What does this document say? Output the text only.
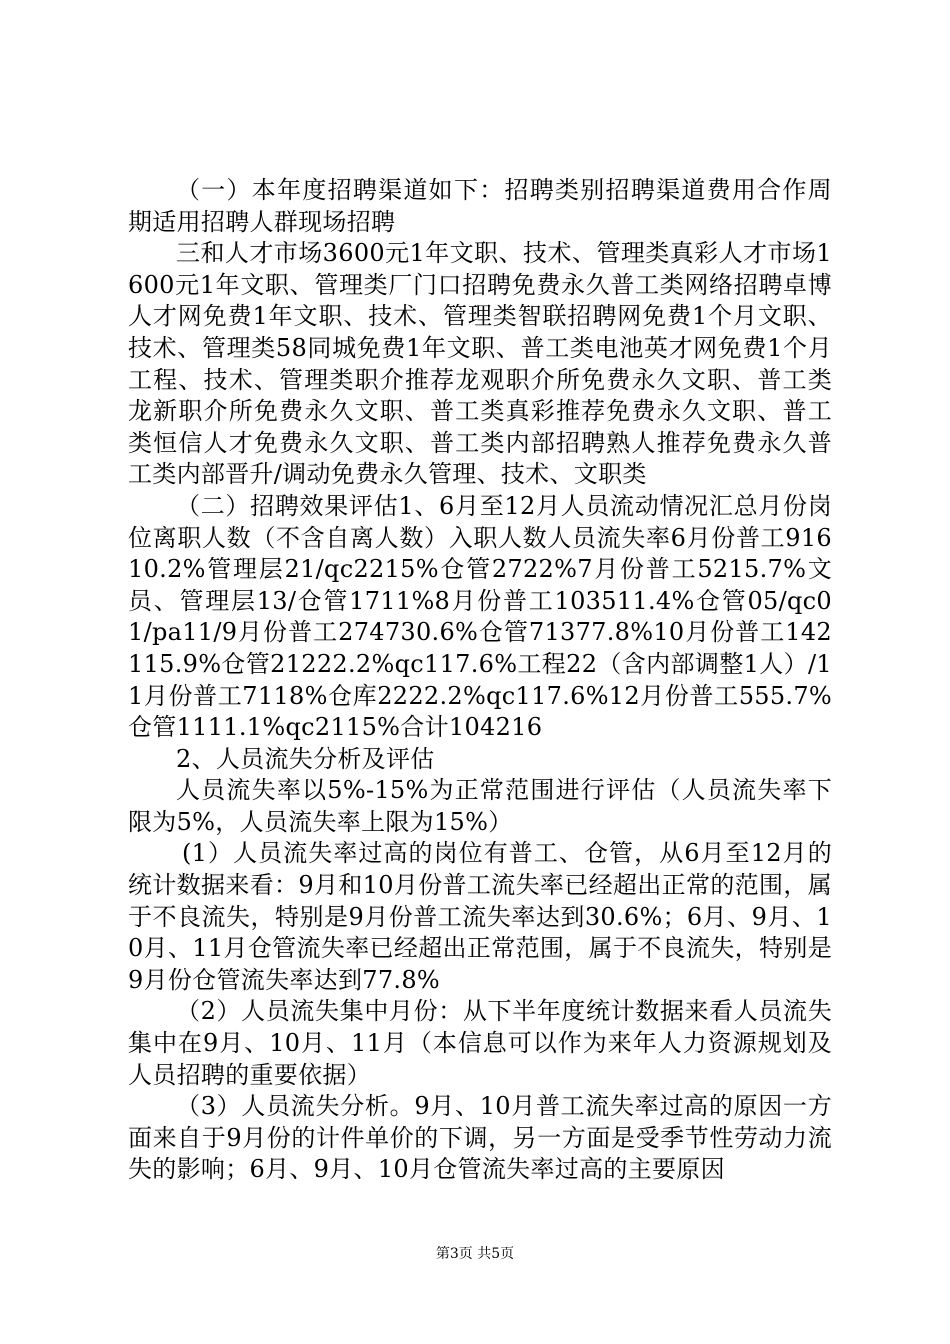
（一）本年度招聘渠道如下：招聘类别招聘渠道费用合作周期适用招聘人群现场招聘

三和人才市场3600元1年文职、技术、管理类真彩人才市场1600元1年文职、管理类厂门口招聘免费永久普工类网络招聘卓博人才网免费1年文职、技术、管理类智联招聘网免费1个月文职、技术、管理类58同城免费1年文职、普工类电池英才网免费1个月工程、技术、管理类职介推荐龙观职介所免费永久文职、普工类龙新职介所免费永久文职、普工类真彩推荐免费永久文职、普工类恒信人才免费永久文职、普工类内部招聘熟人推荐免费永久普工类内部晋升/调动免费永久管理、技术、文职类

（二）招聘效果评估1、6月至12月人员流动情况汇总月份岗位离职人数（不含自离人数）入职人数人员流失率6月份普工91610.2%管理层21/qc2215%仓管2722%7月份普工5215.7%文员、管理层13/仓管1711%8月份普工103511.4%仓管05/qc01/pa11/9月份普工274730.6%仓管71377.8%10月份普工142115.9%仓管21222.2%qc117.6%工程22（含内部调整1人）/11月份普工7118%仓库2222.2%qc117.6%12月份普工555.7%仓管1111.1%qc2115%合计104216

2、人员流失分析及评估

人员流失率以5%-15%为正常范围进行评估（人员流失率下限为5%，人员流失率上限为15%）

(1）人员流失率过高的岗位有普工、仓管，从6月至12月的统计数据来看：9月和10月份普工流失率已经超出正常的范围，属于不良流失，特别是9月份普工流失率达到30.6%；6月、9月、10月、11月仓管流失率已经超出正常范围，属于不良流失，特别是9月份仓管流失率达到77.8%

（2）人员流失集中月份：从下半年度统计数据来看人员流失集中在9月、10月、11月（本信息可以作为来年人力资源规划及人员招聘的重要依据）

（3）人员流失分析。9月、10月普工流失率过高的原因一方面来自于9月份的计件单价的下调，另一方面是受季节性劳动力流失的影响；6月、9月、10月仓管流失率过高的主要原因

第3页 共5页
